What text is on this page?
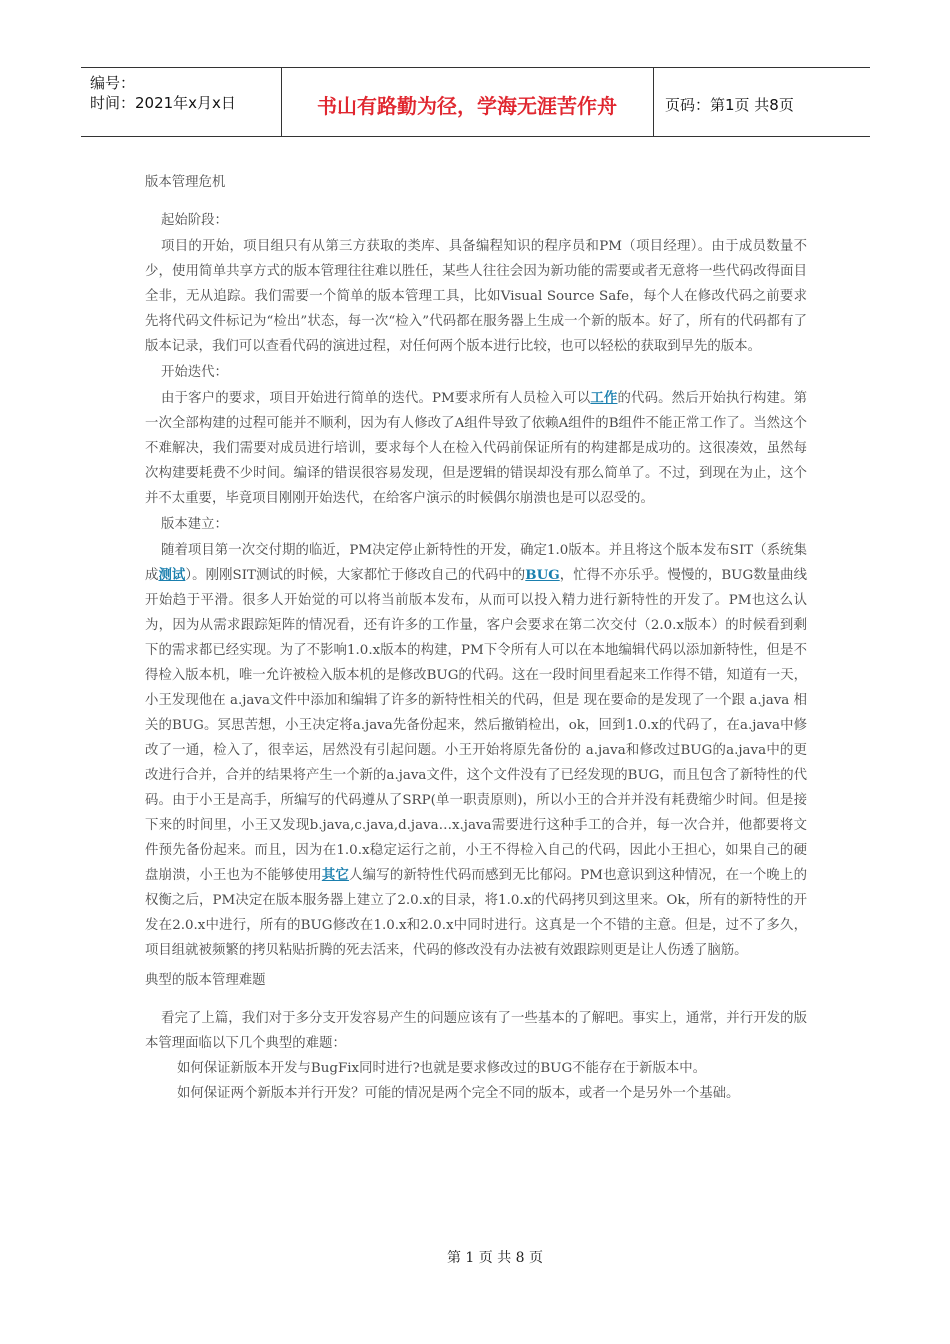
编号：
时间：2021年x月x日	书山有路勤为径，学海无涯苦作舟	页码：第1页 共8页

版本管理危机

起始阶段：

项目的开始，项目组只有从第三方获取的类库、具备编程知识的程序员和PM（项目经理）。由于成员数量不少，使用简单共享方式的版本管理往往难以胜任，某些人往往会因为新功能的需要或者无意将一些代码改得面目全非，无从追踪。我们需要一个简单的版本管理工具，比如Visual Source Safe，每个人在修改代码之前要求先将代码文件标记为“检出”状态，每一次“检入”代码都在服务器上生成一个新的版本。好了，所有的代码都有了版本记录，我们可以查看代码的演进过程，对任何两个版本进行比较，也可以轻松的获取到早先的版本。

开始迭代：

由于客户的要求，项目开始进行简单的迭代。PM要求所有人员检入可以工作的代码。然后开始执行构建。第一次全部构建的过程可能并不顺利，因为有人修改了A组件导致了依赖A组件的B组件不能正常工作了。当然这个不难解决，我们需要对成员进行培训，要求每个人在检入代码前保证所有的构建都是成功的。这很凑效，虽然每次构建要耗费不少时间。编译的错误很容易发现，但是逻辑的错误却没有那么简单了。不过，到现在为止，这个并不太重要，毕竟项目刚刚开始迭代，在给客户演示的时候偶尔崩溃也是可以忍受的。

版本建立：

随着项目第一次交付期的临近，PM决定停止新特性的开发，确定1.0版本。并且将这个版本发布SIT（系统集成测试）。刚刚SIT测试的时候，大家都忙于修改自己的代码中的BUG，忙得不亦乐乎。慢慢的，BUG数量曲线开始趋于平滑。很多人开始觉的可以将当前版本发布，从而可以投入精力进行新特性的开发了。PM也这么认为，因为从需求跟踪矩阵的情况看，还有许多的工作量，客户会要求在第二次交付（2.0.x版本）的时候看到剩下的需求都已经实现。为了不影响1.0.x版本的构建，PM下令所有人可以在本地编辑代码以添加新特性，但是不得检入版本机，唯一允许被检入版本机的是修改BUG的代码。这在一段时间里看起来工作得不错，知道有一天，小王发现他在 a.java文件中添加和编辑了许多的新特性相关的代码，但是 现在要命的是发现了一个跟 a.java 相关的BUG。冥思苦想，小王决定将a.java先备份起来，然后撤销检出，ok，回到1.0.x的代码了，在a.java中修改了一通，检入了，很幸运，居然没有引起问题。小王开始将原先备份的 a.java和修改过BUG的a.java中的更改进行合并，合并的结果将产生一个新的a.java文件，这个文件没有了已经发现的BUG，而且包含了新特性的代码。由于小王是高手，所编写的代码遵从了SRP(单一职责原则)，所以小王的合并并没有耗费缩少时间。但是接下来的时间里，小王又发现b.java,c.java,d.java…x.java需要进行这种手工的合并，每一次合并，他都要将文件预先备份起来。而且，因为在1.0.x稳定运行之前，小王不得检入自己的代码，因此小王担心，如果自己的硬盘崩溃，小王也为不能够使用其它人编写的新特性代码而感到无比郁闷。PM也意识到这种情况，在一个晚上的权衡之后，PM决定在版本服务器上建立了2.0.x的目录，将1.0.x的代码拷贝到这里来。Ok，所有的新特性的开发在2.0.x中进行，所有的BUG修改在1.0.x和2.0.x中同时进行。这真是一个不错的主意。但是，过不了多久，项目组就被频繁的拷贝粘贴折腾的死去活来，代码的修改没有办法被有效跟踪则更是让人伤透了脑筋。

典型的版本管理难题

看完了上篇，我们对于多分支开发容易产生的问题应该有了一些基本的了解吧。事实上，通常，并行开发的版本管理面临以下几个典型的难题：

如何保证新版本开发与BugFix同时进行?也就是要求修改过的BUG不能存在于新版本中。

如何保证两个新版本并行开发？可能的情况是两个完全不同的版本，或者一个是另外一个基础。

第 1 页 共 8 页
